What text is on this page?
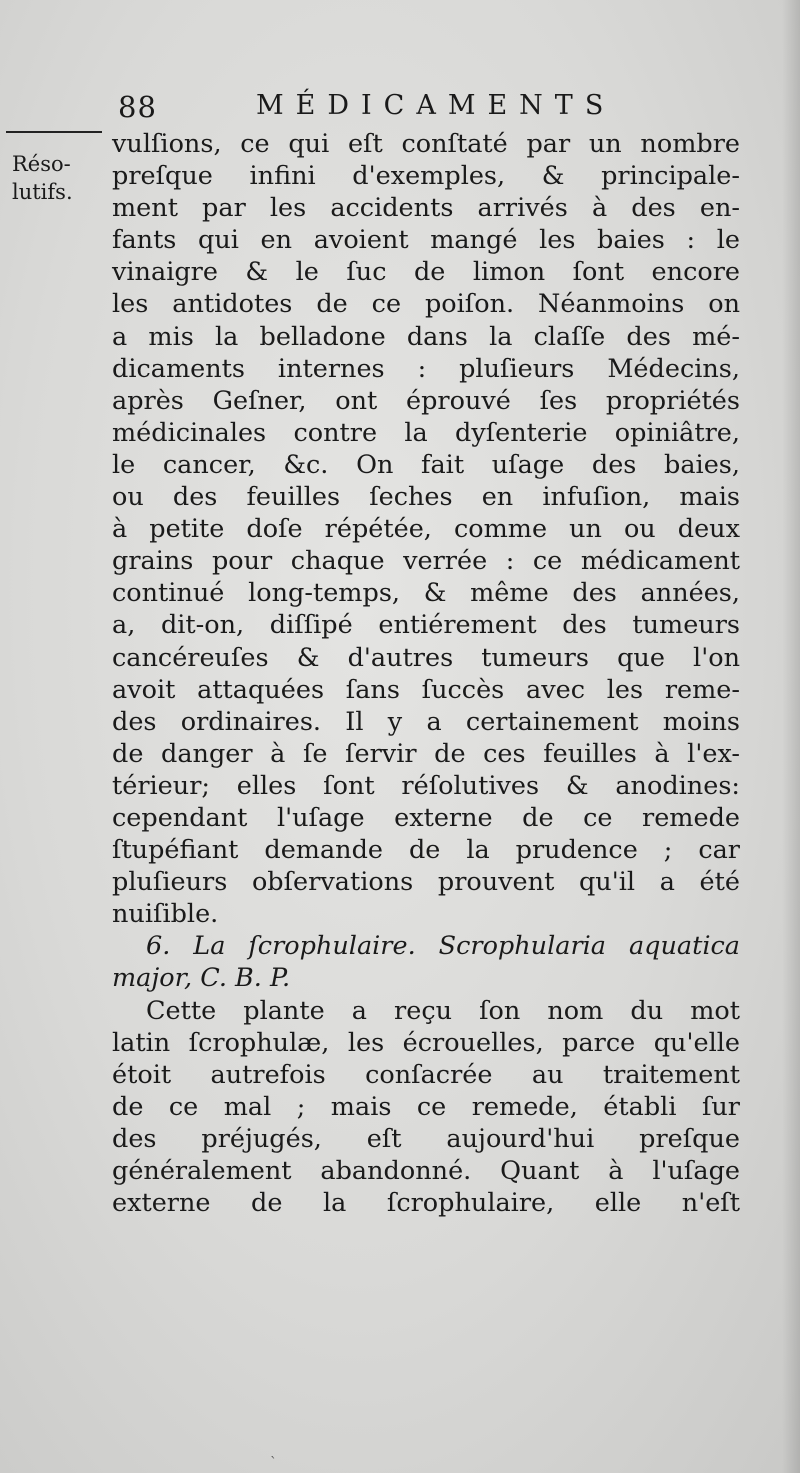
88	MÉDICAMENTS
Réso-
lutifs.
vulſions, ce qui eſt conſtaté par un nombre
preſque infini d'exemples, & principale-
ment par les accidents arrivés à des en-
fants qui en avoient mangé les baies : le
vinaigre & le ſuc de limon ſont encore
les antidotes de ce poiſon. Néanmoins on
a mis la belladone dans la claſſe des mé-
dicaments internes : pluſieurs Médecins,
après Geſner, ont éprouvé ſes propriétés
médicinales contre la dyſenterie opiniâtre,
le cancer, &c. On fait uſage des baies,
ou des feuilles ſeches en infuſion, mais
à petite doſe répétée, comme un ou deux
grains pour chaque verrée : ce médicament
continué long-temps, & même des années,
a, dit-on, diſſipé entiérement des tumeurs
cancéreuſes & d'autres tumeurs que l'on
avoit attaquées ſans ſuccès avec les reme-
des ordinaires. Il y a certainement moins
de danger à ſe ſervir de ces feuilles à l'ex-
térieur; elles ſont réſolutives & anodines:
cependant l'uſage externe de ce remede
ſtupéfiant demande de la prudence ; car
pluſieurs obſervations prouvent qu'il a été
nuiſible.
6. La ſcrophulaire. Scrophularia aquatica
major, C. B. P.
Cette plante a reçu ſon nom du mot
latin ſcrophulæ, les écrouelles, parce qu'elle
étoit autrefois conſacrée au traitement
de ce mal ; mais ce remede, établi ſur
des préjugés, eſt aujourd'hui preſque
généralement abandonné. Quant à l'uſage
externe de la ſcrophulaire, elle n'eſt
`
